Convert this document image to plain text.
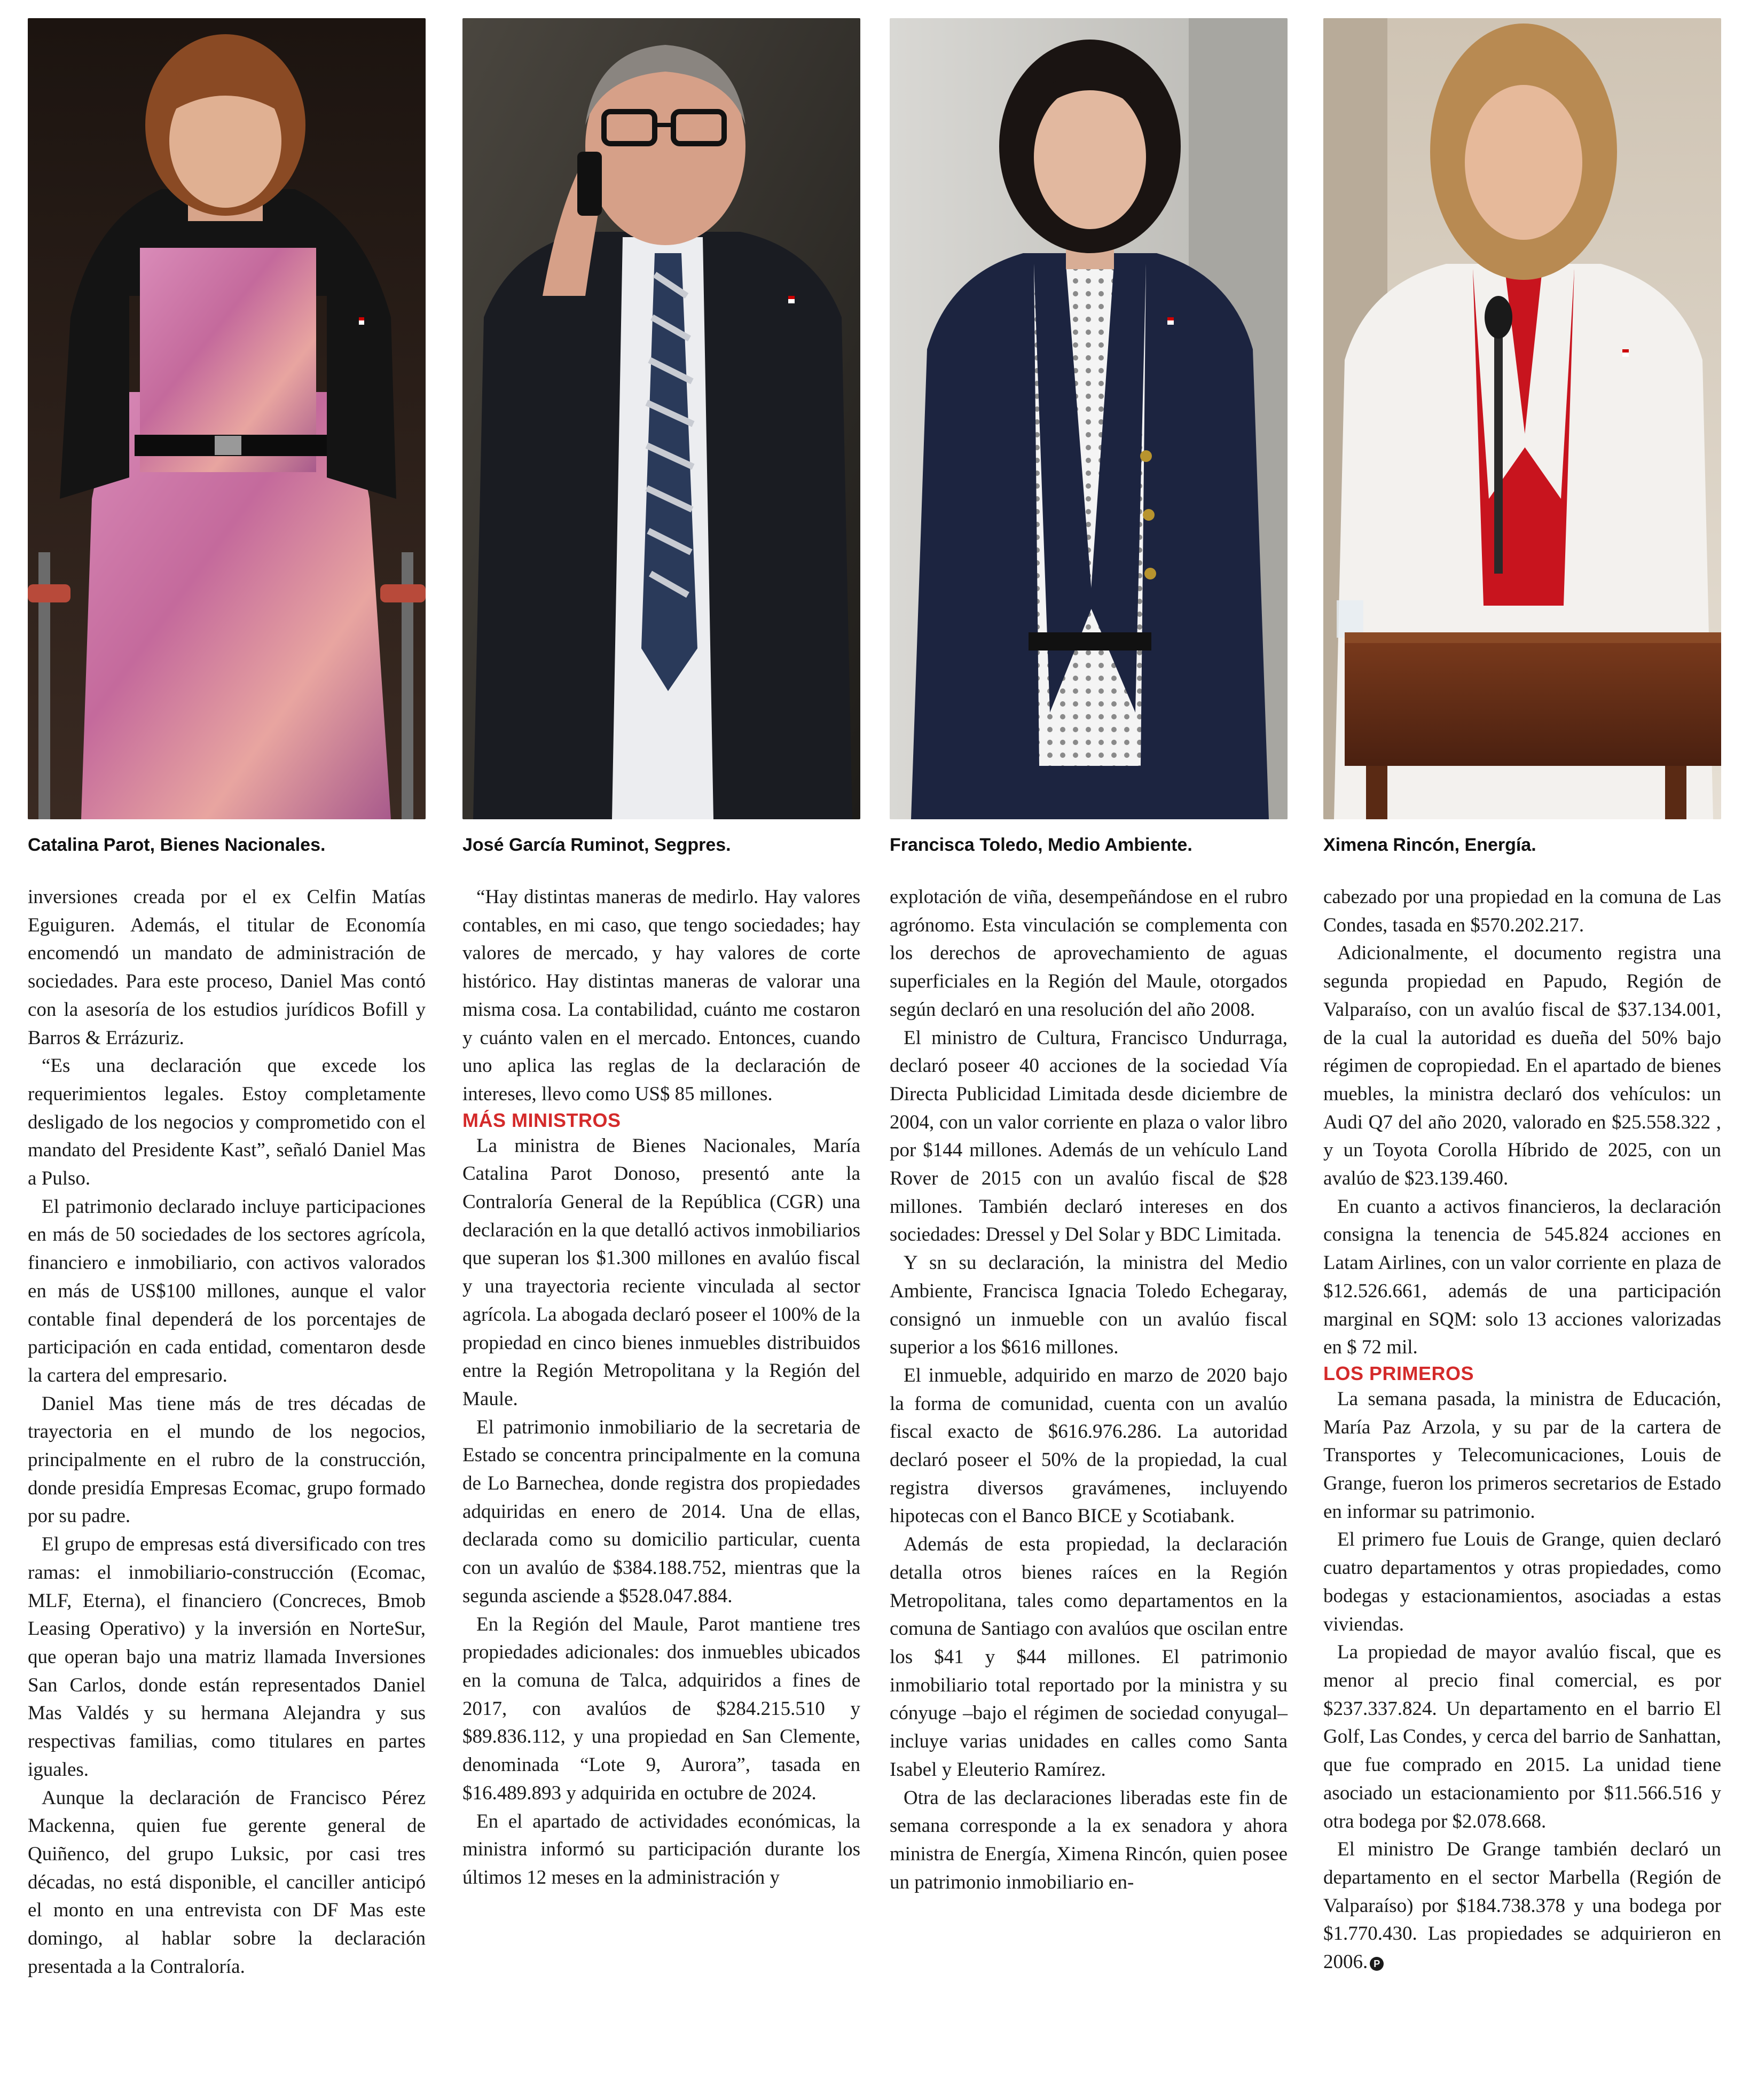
Catalina Parot, Bienes Nacionales.

inversiones creada por el ex Celfin Matías Eguiguren. Además, el titular de Economía encomendó un mandato de administración de sociedades. Para este proceso, Daniel Mas contó con la asesoría de los estudios jurídicos Bofill y Barros & Errázuriz.

“Es una declaración que excede los requerimientos legales. Estoy completamente desligado de los negocios y comprometido con el mandato del Presidente Kast”, señaló Daniel Mas a Pulso.

El patrimonio declarado incluye participaciones en más de 50 sociedades de los sectores agrícola, financiero e inmobiliario, con activos valorados en más de US$100 millones, aunque el valor contable final dependerá de los porcentajes de participación en cada entidad, comentaron desde la cartera del empresario.

Daniel Mas tiene más de tres décadas de trayectoria en el mundo de los negocios, principalmente en el rubro de la construcción, donde presidía Empresas Ecomac, grupo formado por su padre.

El grupo de empresas está diversificado con tres ramas: el inmobiliario-construcción (Ecomac, MLF, Eterna), el financiero (Concreces, Bmob Leasing Operativo) y la inversión en NorteSur, que operan bajo una matriz llamada Inversiones San Carlos, donde están representados Daniel Mas Valdés y su hermana Alejandra y sus respectivas familias, como titulares en partes iguales.

Aunque la declaración de Francisco Pérez Mackenna, quien fue gerente general de Quiñenco, del grupo Luksic, por casi tres décadas, no está disponible, el canciller anticipó el monto en una entrevista con DF Mas este domingo, al hablar sobre la declaración presentada a la Contraloría.

José García Ruminot, Segpres.

“Hay distintas maneras de medirlo. Hay valores contables, en mi caso, que tengo sociedades; hay valores de mercado, y hay valores de corte histórico. Hay distintas maneras de valorar una misma cosa. La contabilidad, cuánto me costaron y cuánto valen en el mercado. Entonces, cuando uno aplica las reglas de la declaración de intereses, llevo como US$ 85 millones.

MÁS MINISTROS

La ministra de Bienes Nacionales, María Catalina Parot Donoso, presentó ante la Contraloría General de la República (CGR) una declaración en la que detalló activos inmobiliarios que superan los $1.300 millones en avalúo fiscal y una trayectoria reciente vinculada al sector agrícola. La abogada declaró poseer el 100% de la propiedad en cinco bienes inmuebles distribuidos entre la Región Metropolitana y la Región del Maule.

El patrimonio inmobiliario de la secretaria de Estado se concentra principalmente en la comuna de Lo Barnechea, donde registra dos propiedades adquiridas en enero de 2014. Una de ellas, declarada como su domicilio particular, cuenta con un avalúo de $384.188.752, mientras que la segunda asciende a $528.047.884.

En la Región del Maule, Parot mantiene tres propiedades adicionales: dos inmuebles ubicados en la comuna de Talca, adquiridos a fines de 2017, con avalúos de $284.215.510 y $89.836.112, y una propiedad en San Clemente, denominada “Lote 9, Aurora”, tasada en $16.489.893 y adquirida en octubre de 2024.

En el apartado de actividades económicas, la ministra informó su participación durante los últimos 12 meses en la administración y

Francisca Toledo, Medio Ambiente.

explotación de viña, desempeñándose en el rubro agrónomo. Esta vinculación se complementa con los derechos de aprovechamiento de aguas superficiales en la Región del Maule, otorgados según declaró en una resolución del año 2008.

El ministro de Cultura, Francisco Undurraga, declaró poseer 40 acciones de la sociedad Vía Directa Publicidad Limitada desde diciembre de 2004, con un valor corriente en plaza o valor libro por $144 millones. Además de un vehículo Land Rover de 2015 con un avalúo fiscal de $28 millones. También declaró intereses en dos sociedades: Dressel y Del Solar y BDC Limitada.

Y sn su declaración, la ministra del Medio Ambiente, Francisca Ignacia Toledo Echegaray, consignó un inmueble con un avalúo fiscal superior a los $616 millones.

El inmueble, adquirido en marzo de 2020 bajo la forma de comunidad, cuenta con un avalúo fiscal exacto de $616.976.286. La autoridad declaró poseer el 50% de la propiedad, la cual registra diversos gravámenes, incluyendo hipotecas con el Banco BICE y Scotiabank.

Además de esta propiedad, la declaración detalla otros bienes raíces en la Región Metropolitana, tales como departamentos en la comuna de Santiago con avalúos que oscilan entre los $41 y $44 millones. El patrimonio inmobiliario total reportado por la ministra y su cónyuge –bajo el régimen de sociedad conyugal– incluye varias unidades en calles como Santa Isabel y Eleuterio Ramírez.

Otra de las declaraciones liberadas este fin de semana corresponde a la ex senadora y ahora ministra de Energía, Ximena Rincón, quien posee un patrimonio inmobiliario en-

Ximena Rincón, Energía.

cabezado por una propiedad en la comuna de Las Condes, tasada en $570.202.217.

Adicionalmente, el documento registra una segunda propiedad en Papudo, Región de Valparaíso, con un avalúo fiscal de $37.134.001, de la cual la autoridad es dueña del 50% bajo régimen de copropiedad. En el apartado de bienes muebles, la ministra declaró dos vehículos: un Audi Q7 del año 2020, valorado en $25.558.322 , y un Toyota Corolla Híbrido de 2025, con un avalúo de $23.139.460.

En cuanto a activos financieros, la declaración consigna la tenencia de 545.824 acciones en Latam Airlines, con un valor corriente en plaza de $12.526.661, además de una participación marginal en SQM: solo 13 acciones valorizadas en $ 72 mil.

LOS PRIMEROS

La semana pasada, la ministra de Educación, María Paz Arzola, y su par de la cartera de Transportes y Telecomunicaciones, Louis de Grange, fueron los primeros secretarios de Estado en informar su patrimonio.

El primero fue Louis de Grange, quien declaró cuatro departamentos y otras propiedades, como bodegas y estacionamientos, asociadas a estas viviendas.

La propiedad de mayor avalúo fiscal, que es menor al precio final comercial, es por $237.337.824. Un departamento en el barrio El Golf, Las Condes, y cerca del barrio de Sanhattan, que fue comprado en 2015. La unidad tiene asociado un estacionamiento por $11.566.516 y otra bodega por $2.078.668.

El ministro De Grange también declaró un departamento en el sector Marbella (Región de Valparaíso) por $184.738.378 y una bodega por $1.770.430. Las propiedades se adquirieron en 2006. P
